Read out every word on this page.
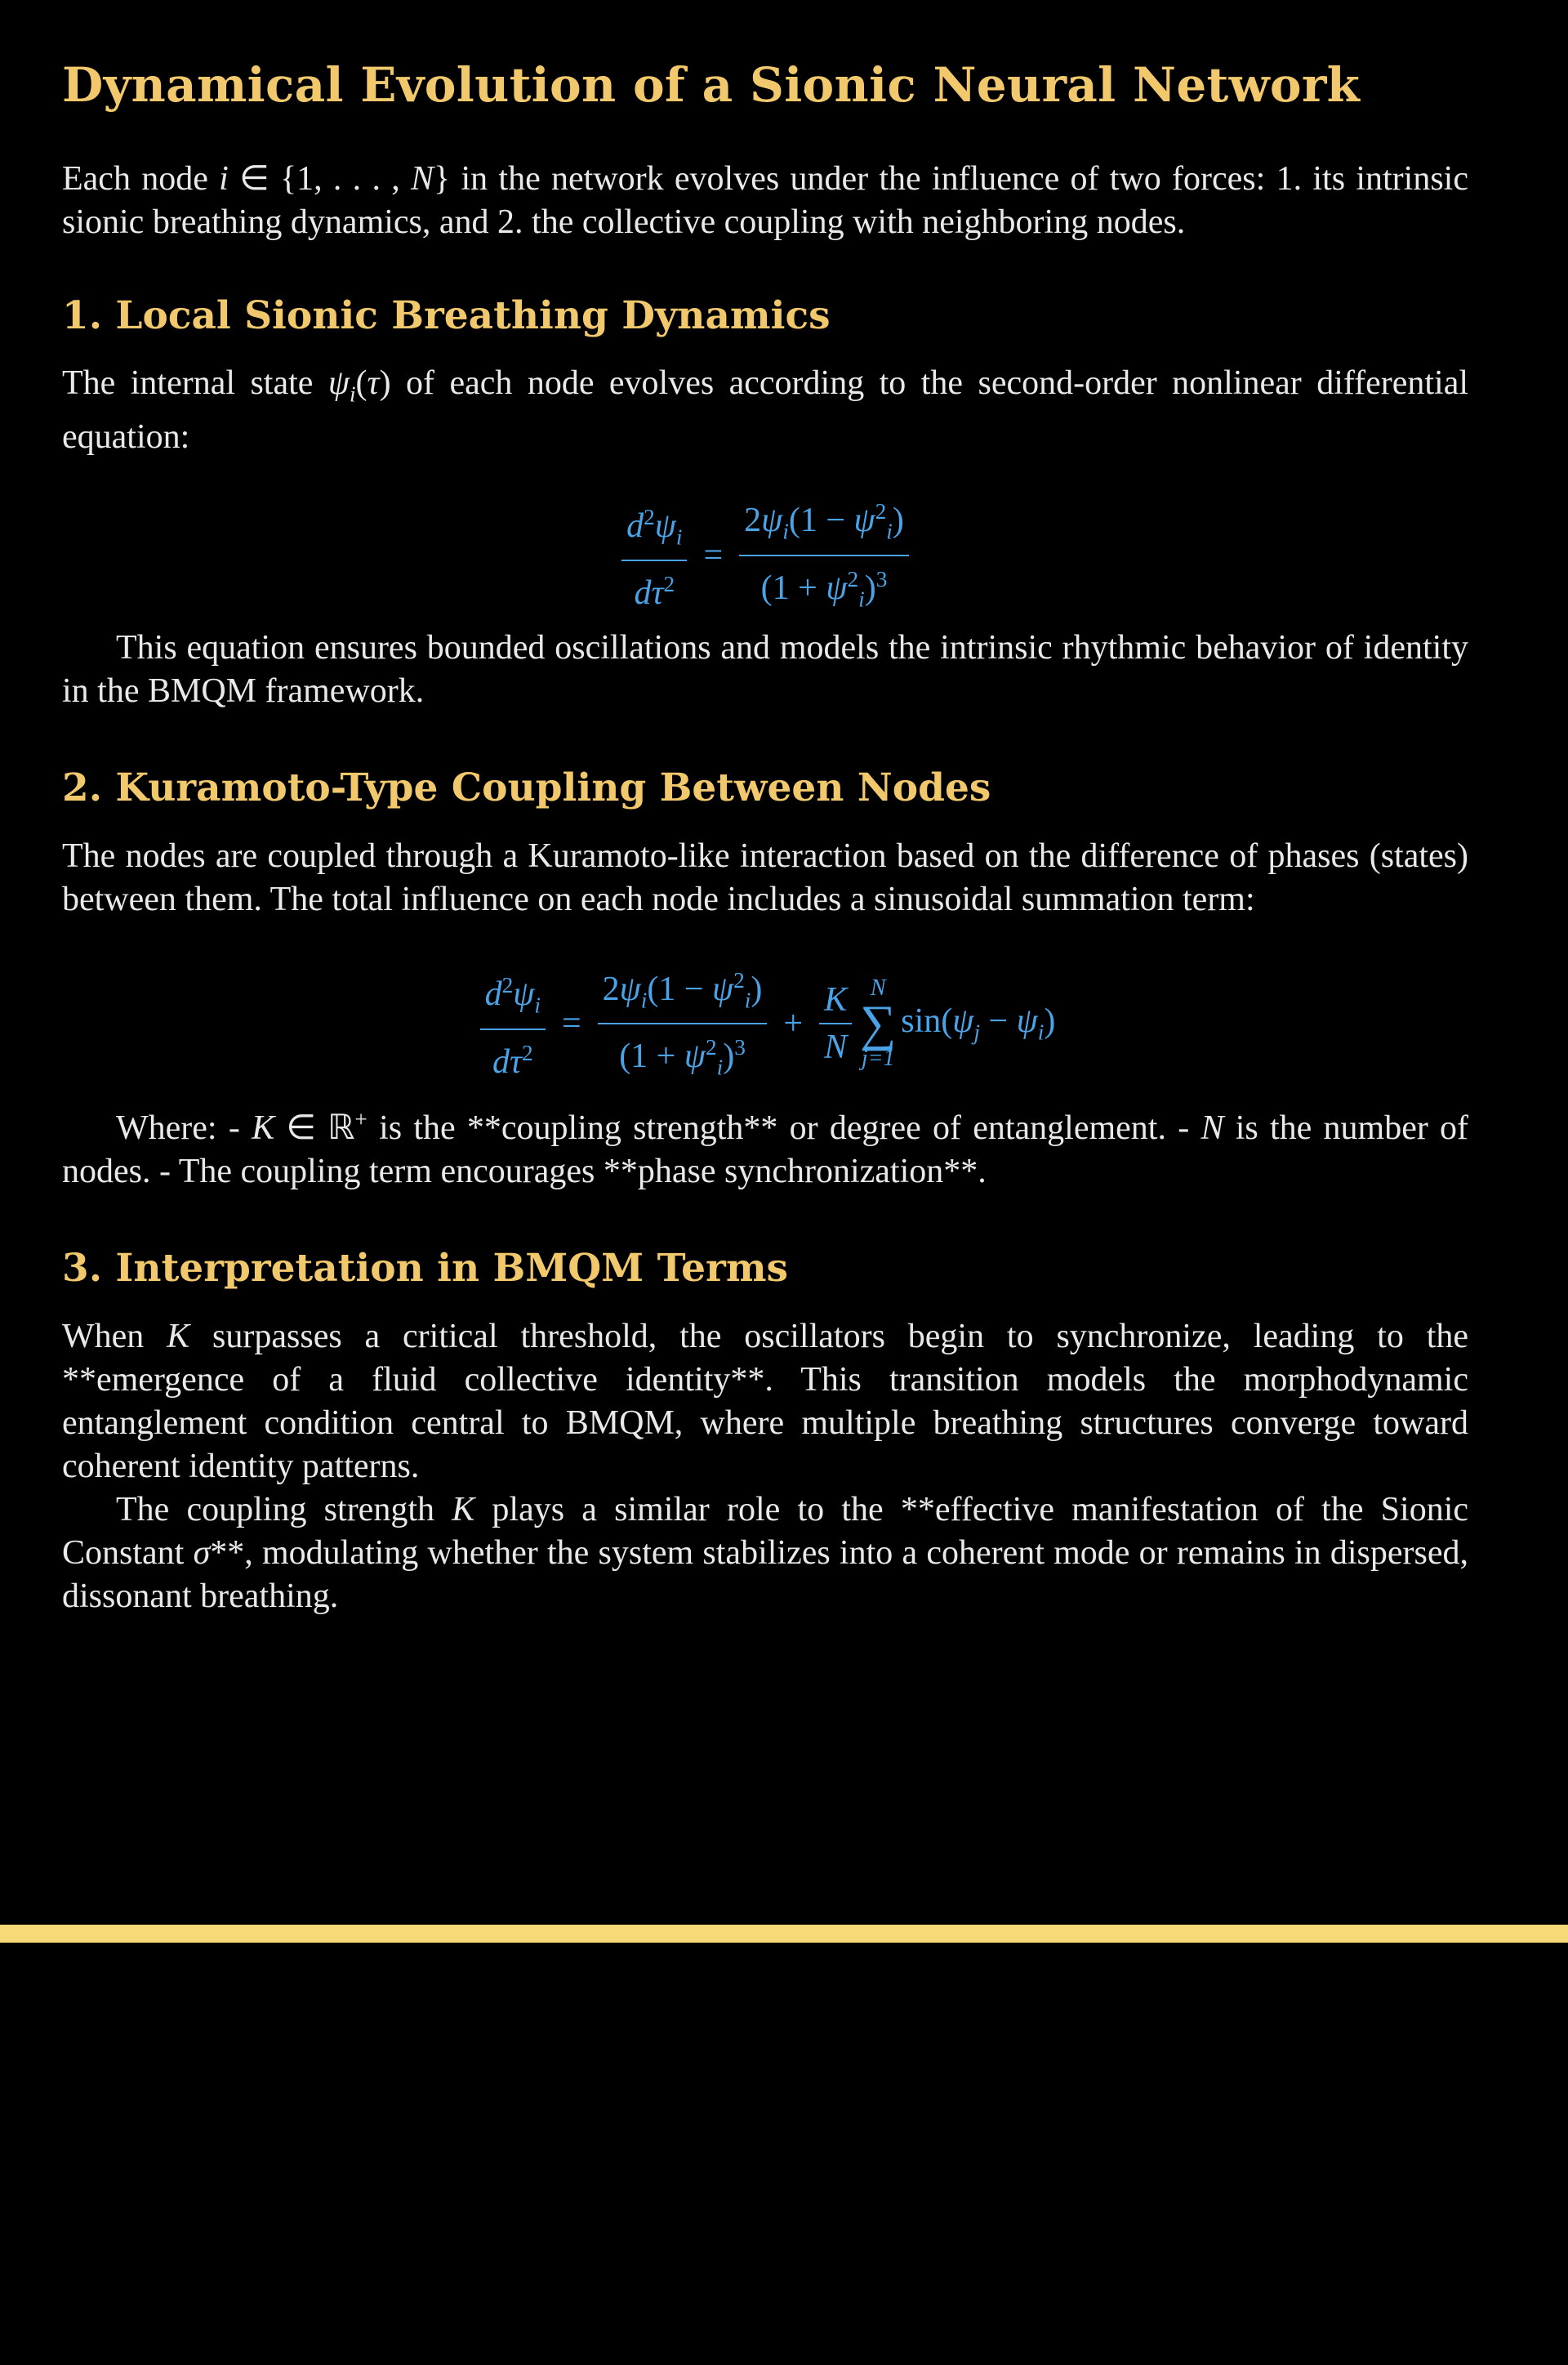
Dynamical Evolution of a Sionic Neural Network

Each node i ∈ {1, . . . , N} in the network evolves under the influence of two forces: 1. its intrinsic sionic breathing dynamics, and 2. the collective coupling with neighboring nodes.

1. Local Sionic Breathing Dynamics

The internal state $\psi_i(\tau)$ of each node evolves according to the second-order nonlinear differential equation:

$\frac{d^2\psi_i}{d\tau^2} = \frac{2\psi_i(1 - \psi^2_i)}{(1 + \psi^2_i)^3}$

This equation ensures bounded oscillations and models the intrinsic rhythmic behavior of identity in the BMQM framework.

2. Kuramoto-Type Coupling Between Nodes

The nodes are coupled through a Kuramoto-like interaction based on the difference of phases (states) between them. The total influence on each node includes a sinusoidal summation term:

$\frac{d^2\psi_i}{d\tau^2} = \frac{2\psi_i(1 - \psi^2_i)}{(1 + \psi^2_i)^3} + \frac{K}{N}$ N
∑
j=1
$\sin(\psi_j - \psi_i)$

Where: - K ∈ ℝ+ is the **coupling strength** or degree of entanglement. - N is the number of nodes. - The coupling term encourages **phase synchronization**.

3. Interpretation in BMQM Terms

When K surpasses a critical threshold, the oscillators begin to synchronize, leading to the **emergence of a fluid collective identity**. This transition models the morphodynamic entanglement condition central to BMQM, where multiple breathing structures converge toward coherent identity patterns.

The coupling strength K plays a similar role to the **effective manifestation of the Sionic Constant σ**, modulating whether the system stabilizes into a coherent mode or remains in dispersed, dissonant breathing.
